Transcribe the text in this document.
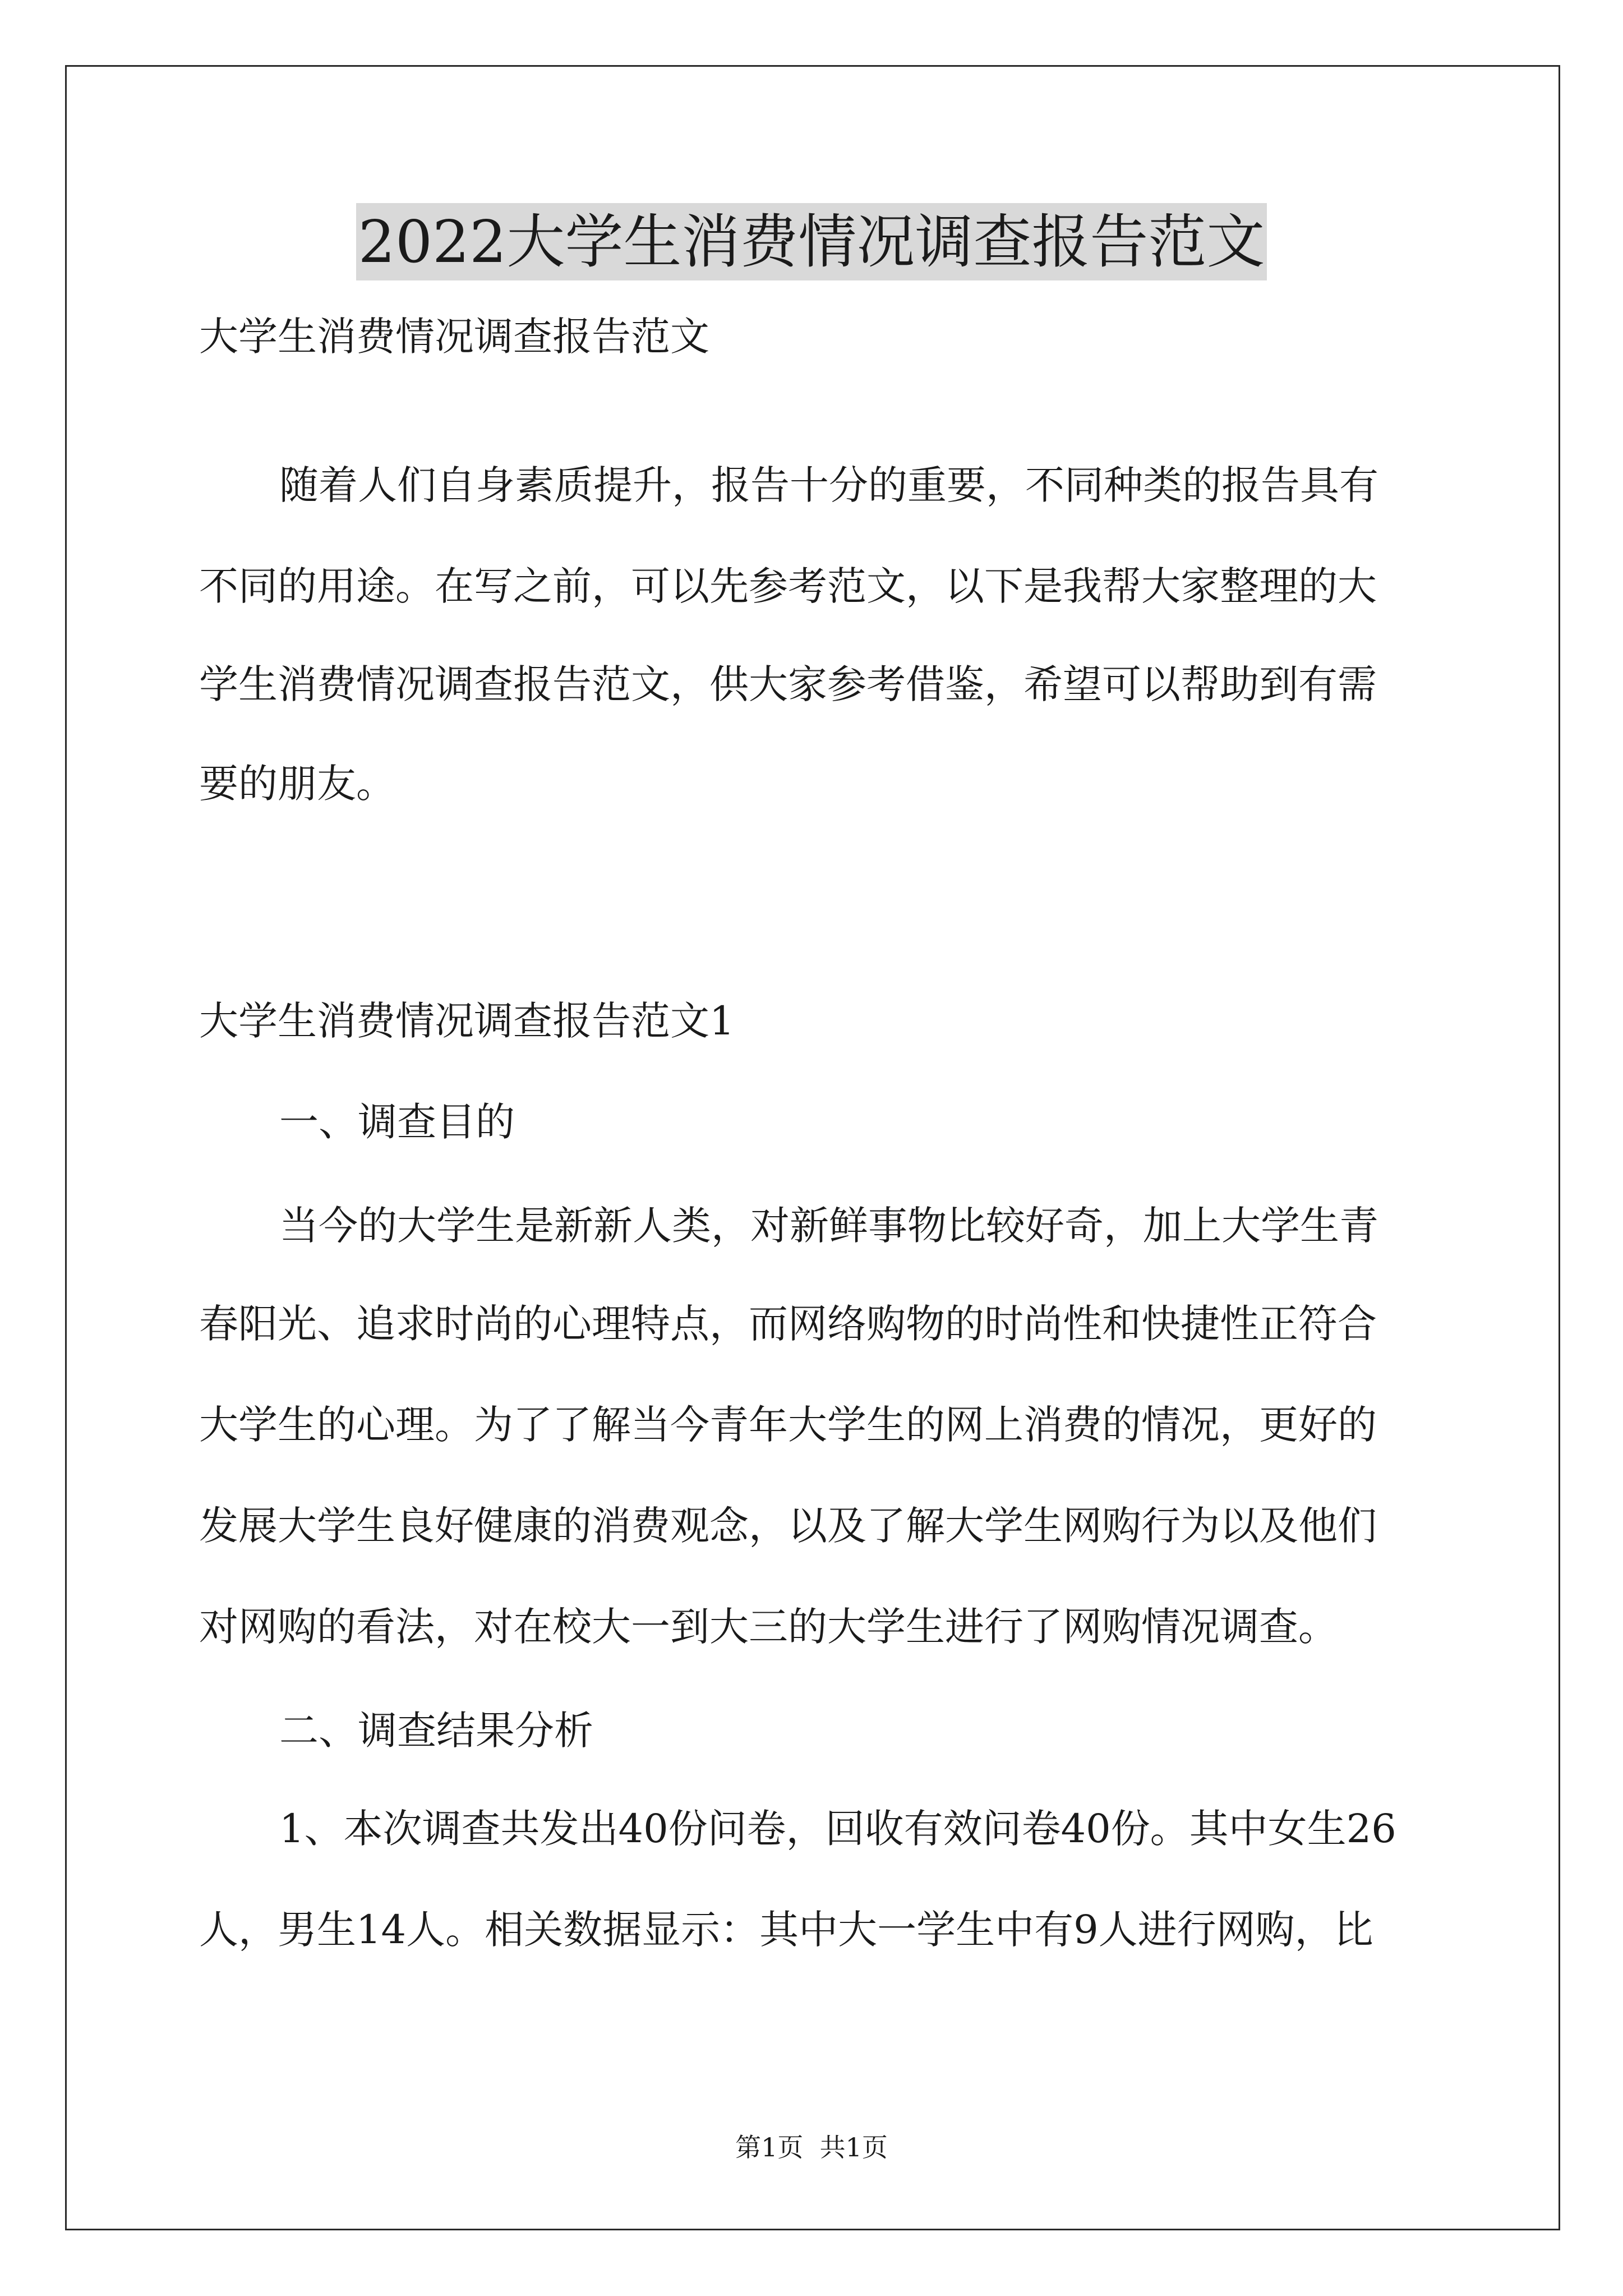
2022大学生消费情况调查报告范文
大学生消费情况调查报告范文
随着人们自身素质提升，报告十分的重要，不同种类的报告具有
不同的用途。在写之前，可以先参考范文，以下是我帮大家整理的大
学生消费情况调查报告范文，供大家参考借鉴，希望可以帮助到有需
要的朋友。
大学生消费情况调查报告范文1
一、调查目的
当今的大学生是新新人类，对新鲜事物比较好奇，加上大学生青
春阳光、追求时尚的心理特点，而网络购物的时尚性和快捷性正符合
大学生的心理。为了了解当今青年大学生的网上消费的情况，更好的
发展大学生良好健康的消费观念，以及了解大学生网购行为以及他们
对网购的看法，对在校大一到大三的大学生进行了网购情况调查。
二、调查结果分析
1、本次调查共发出40份问卷，回收有效问卷40份。其中女生26
人，男生14人。相关数据显示：其中大一学生中有9人进行网购，比
第1页  共1页
